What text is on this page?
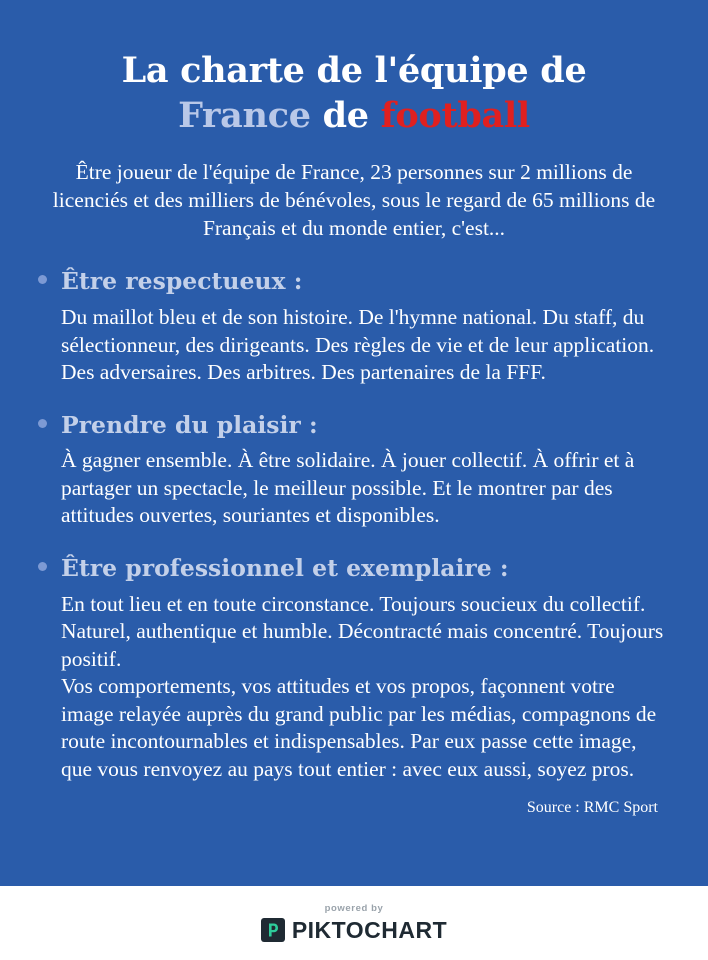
La charte de l'équipe de
France de football
Être joueur de l'équipe de France, 23 personnes sur 2 millions de licenciés et des milliers de bénévoles, sous le regard de 65 millions de Français et du monde entier, c'est...
Être respectueux :

Du maillot bleu et de son histoire. De l'hymne national. Du staff, du sélectionneur, des dirigeants. Des règles de vie et de leur application. Des adversaires. Des arbitres. Des partenaires de la FFF.

Prendre du plaisir :

À gagner ensemble. À être solidaire. À jouer collectif. À offrir et à partager un spectacle, le meilleur possible. Et le montrer par des attitudes ouvertes, souriantes et disponibles.

Être professionnel et exemplaire :

En tout lieu et en toute circonstance. Toujours soucieux du collectif. Naturel, authentique et humble. Décontracté mais concentré. Toujours positif.

Vos comportements, vos attitudes et vos propos, façonnent votre image relayée auprès du grand public par les médias, compagnons de route incontournables et indispensables. Par eux passe cette image, que vous renvoyez au pays tout entier : avec eux aussi, soyez pros.

Source : RMC Sport
powered by
PIKTOCHART
